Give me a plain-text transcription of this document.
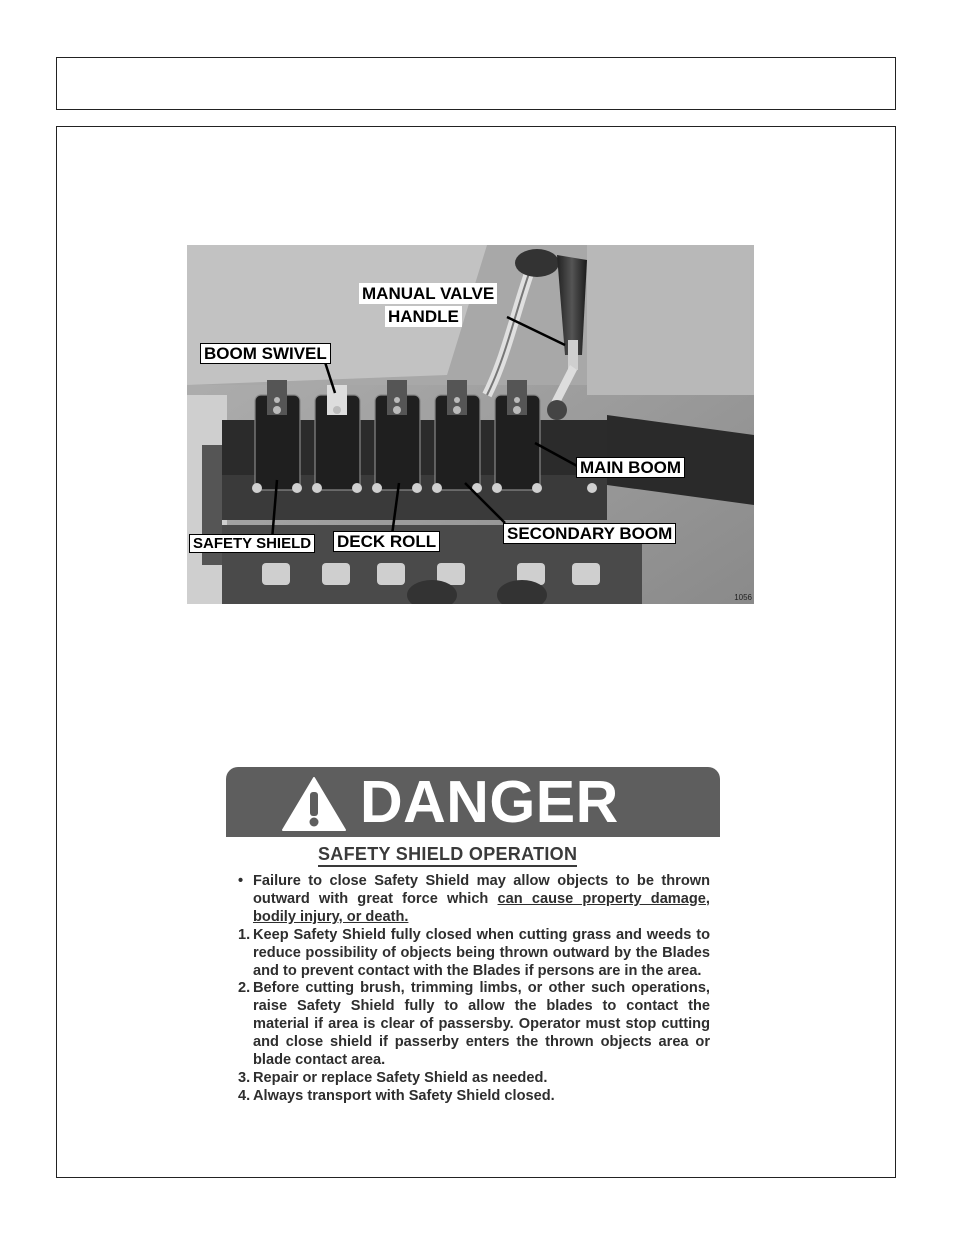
MANUAL VALVE
HANDLE
BOOM SWIVEL
MAIN BOOM
SAFETY SHIELD DECK ROLL	SECONDARY BOOM
1056
DANGER
SAFETY SHIELD OPERATION
• Failure to close Safety Shield may allow objects to be thrown outward with great force which can cause property damage, bodily injury, or death.
1. Keep Safety Shield fully closed when cutting grass and weeds to reduce possibility of objects being thrown outward by the Blades and to prevent contact with the Blades if persons are in the area.
2. Before cutting brush, trimming limbs, or other such operations, raise Safety Shield fully to allow the blades to contact the material if area is clear of passersby. Operator must stop cutting and close shield if passerby enters the thrown objects area or blade contact area.
3. Repair or replace Safety Shield as needed.
4. Always transport with Safety Shield closed.
